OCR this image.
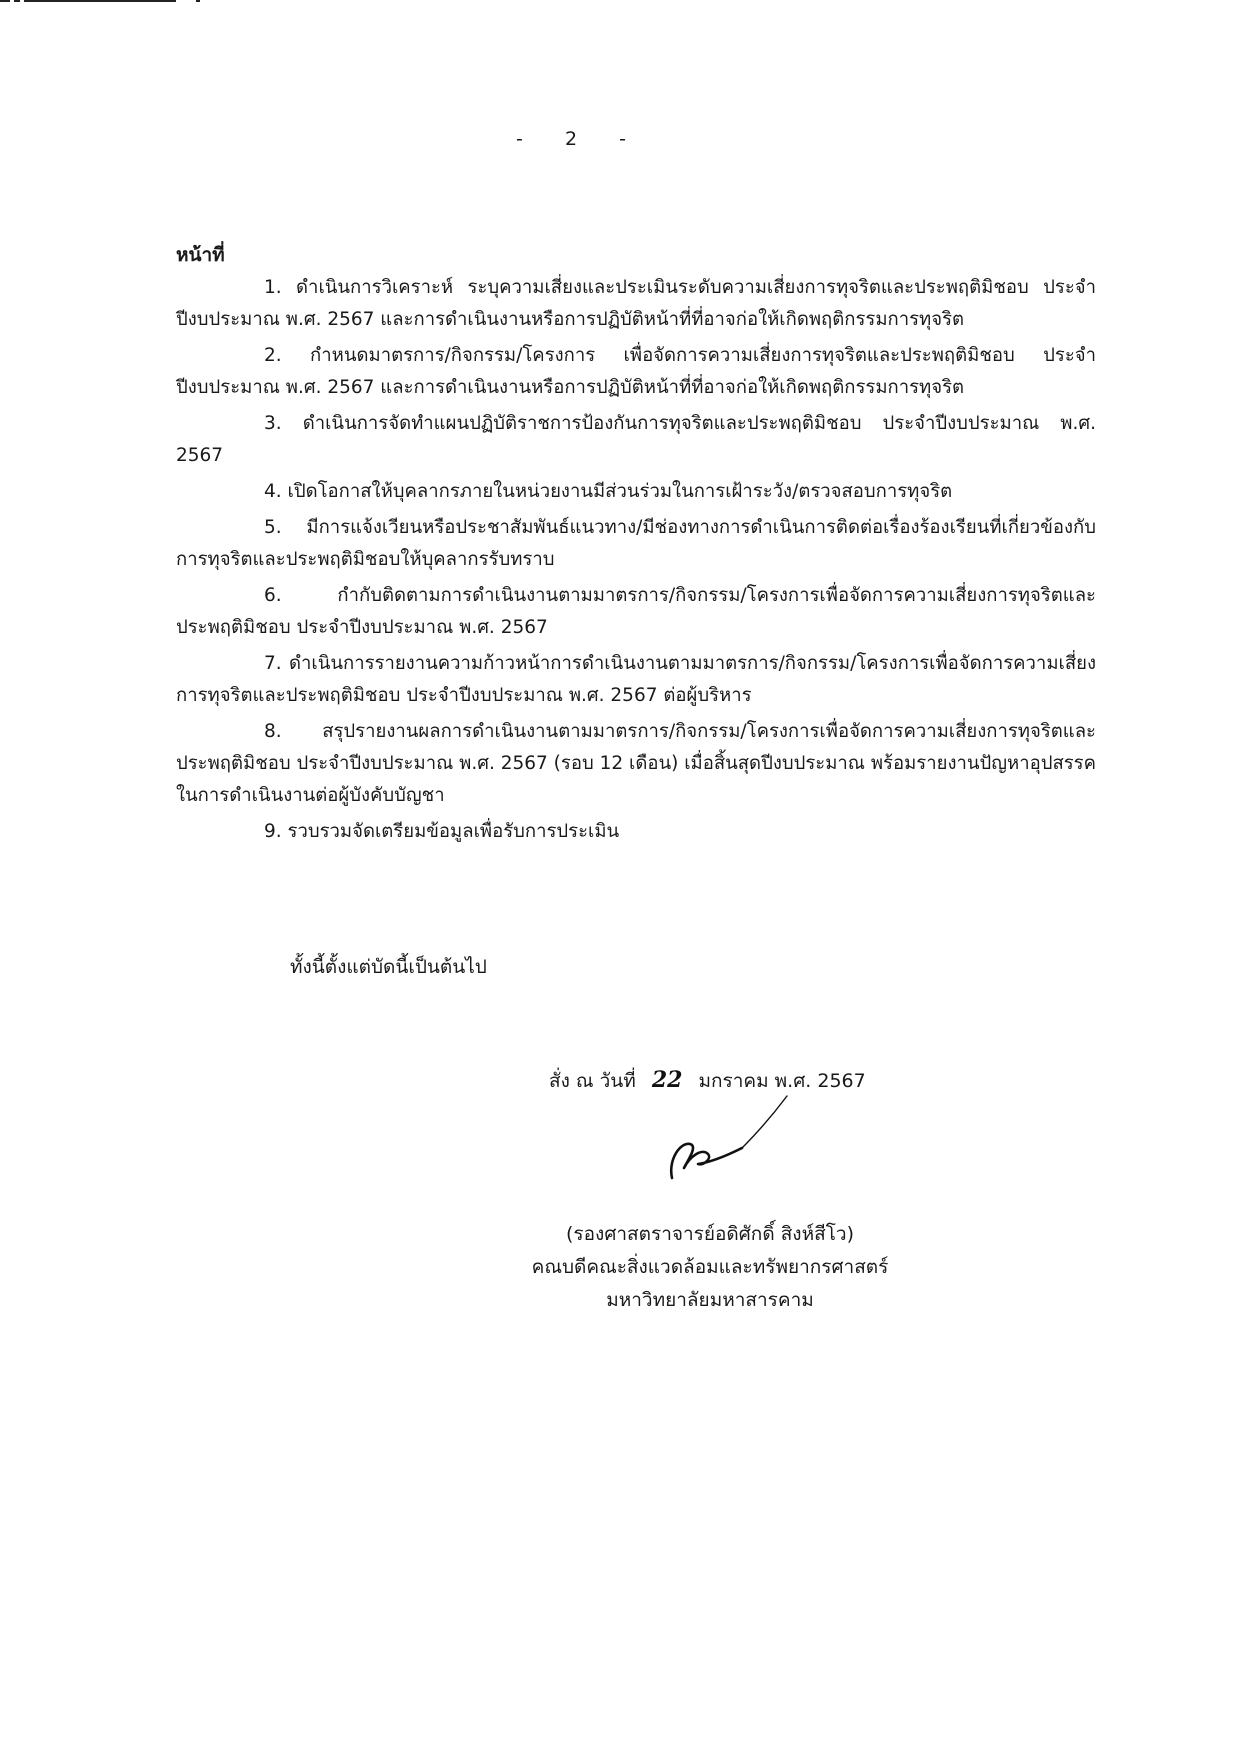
- 2 -
หน้าที่

1. ดำเนินการวิเคราะห์ ระบุความเสี่ยงและประเมินระดับความเสี่ยงการทุจริตและประพฤติมิชอบ ประจำปีงบประมาณ พ.ศ. 2567 และการดำเนินงานหรือการปฏิบัติหน้าที่ที่อาจก่อให้เกิดพฤติกรรมการทุจริต

2. กำหนดมาตรการ/กิจกรรม/โครงการ เพื่อจัดการความเสี่ยงการทุจริตและประพฤติมิชอบ ประจำปีงบประมาณ พ.ศ. 2567 และการดำเนินงานหรือการปฏิบัติหน้าที่ที่อาจก่อให้เกิดพฤติกรรมการทุจริต

3. ดำเนินการจัดทำแผนปฏิบัติราชการป้องกันการทุจริตและประพฤติมิชอบ ประจำปีงบประมาณ พ.ศ. 2567

4. เปิดโอกาสให้บุคลากรภายในหน่วยงานมีส่วนร่วมในการเฝ้าระวัง/ตรวจสอบการทุจริต

5. มีการแจ้งเวียนหรือประชาสัมพันธ์แนวทาง/มีช่องทางการดำเนินการติดต่อเรื่องร้องเรียนที่เกี่ยวข้องกับการทุจริตและประพฤติมิชอบให้บุคลากรรับทราบ

6. กำกับติดตามการดำเนินงานตามมาตรการ/กิจกรรม/โครงการเพื่อจัดการความเสี่ยงการทุจริตและประพฤติมิชอบ ประจำปีงบประมาณ พ.ศ. 2567

7. ดำเนินการรายงานความก้าวหน้าการดำเนินงานตามมาตรการ/กิจกรรม/โครงการเพื่อจัดการความเสี่ยงการทุจริตและประพฤติมิชอบ ประจำปีงบประมาณ พ.ศ. 2567 ต่อผู้บริหาร

8. สรุปรายงานผลการดำเนินงานตามมาตรการ/กิจกรรม/โครงการเพื่อจัดการความเสี่ยงการทุจริตและประพฤติมิชอบ ประจำปีงบประมาณ พ.ศ. 2567 (รอบ 12 เดือน) เมื่อสิ้นสุดปีงบประมาณ พร้อมรายงานปัญหาอุปสรรคในการดำเนินงานต่อผู้บังคับบัญชา

9. รวบรวมจัดเตรียมข้อมูลเพื่อรับการประเมิน

ทั้งนี้ตั้งแต่บัดนี้เป็นต้นไป
สั่ง ณ วันที่ 22 มกราคม พ.ศ. 2567
(รองศาสตราจารย์อดิศักดิ์ สิงห์สีโว)
คณบดีคณะสิ่งแวดล้อมและทรัพยากรศาสตร์
มหาวิทยาลัยมหาสารคาม
